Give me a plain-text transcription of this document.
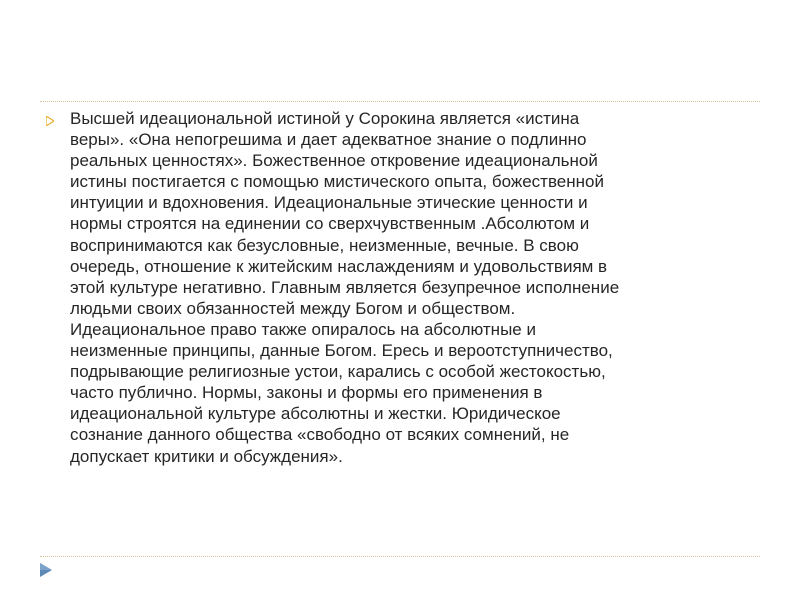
Высшей идеациональной истиной у Сорокина является «истина
веры». «Она непогрешима и дает адекватное знание о подлинно
реальных ценностях». Божественное откровение идеациональной
истины постигается с помощью мистического опыта, божественной
интуиции и вдохновения. Идеациональные этические ценности и
нормы строятся на единении со сверхчувственным .Абсолютом и
воспринимаются как безусловные, неизменные, вечные. В свою
очередь, отношение к житейским наслаждениям и удовольствиям в
этой культуре негативно. Главным является безупречное исполнение
людьми своих обязанностей между Богом и обществом.
Идеациональное право также опиралось на абсолютные и
неизменные принципы, данные Богом. Ересь и вероотступничество,
подрывающие религиозные устои, карались с особой жестокостью,
часто публично. Нормы, законы и формы его применения в
идеациональной культуре абсолютны и жестки. Юридическое
сознание данного общества «свободно от всяких сомнений, не
допускает критики и обсуждения».
